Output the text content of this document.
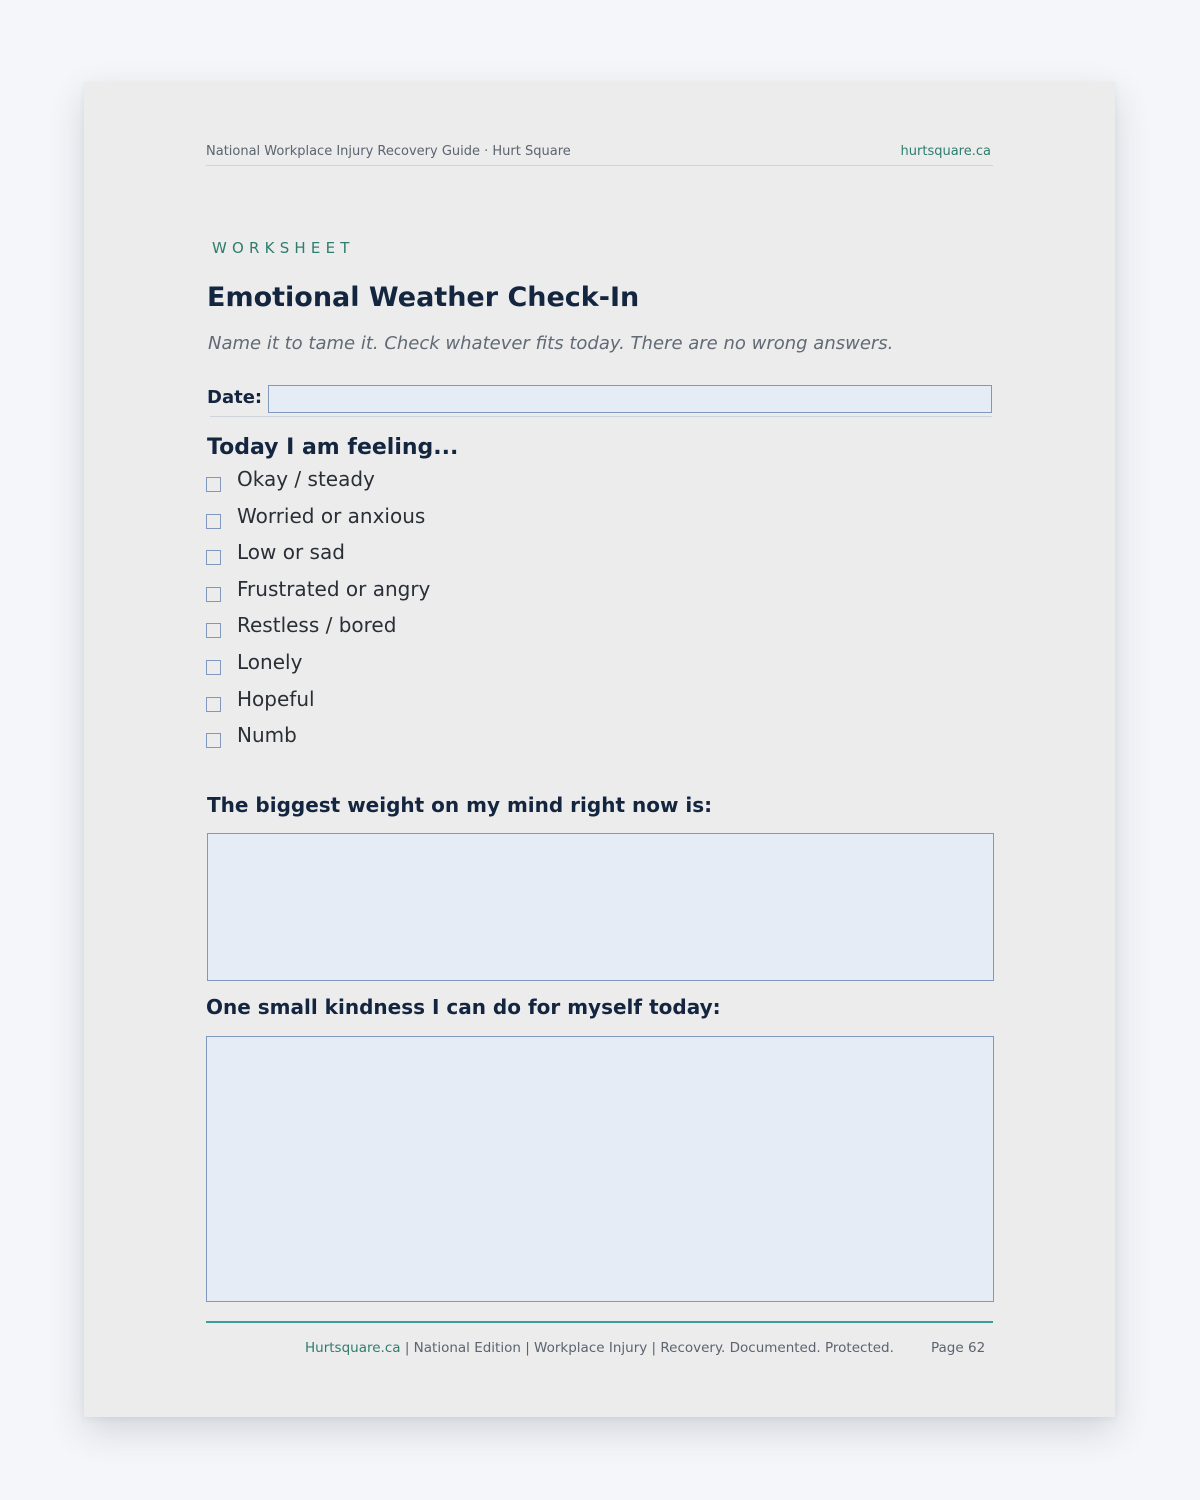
National Workplace Injury Recovery Guide · Hurt Square	hurtsquare.ca
WORKSHEET
Emotional Weather Check-In
Name it to tame it. Check whatever fits today. There are no wrong answers.
Date:
Today I am feeling...
Okay / steady
Worried or anxious
Low or sad
Frustrated or angry
Restless / bored
Lonely
Hopeful
Numb
The biggest weight on my mind right now is:
One small kindness I can do for myself today:
Hurtsquare.ca | National Edition | Workplace Injury | Recovery. Documented. Protected.	Page 62
